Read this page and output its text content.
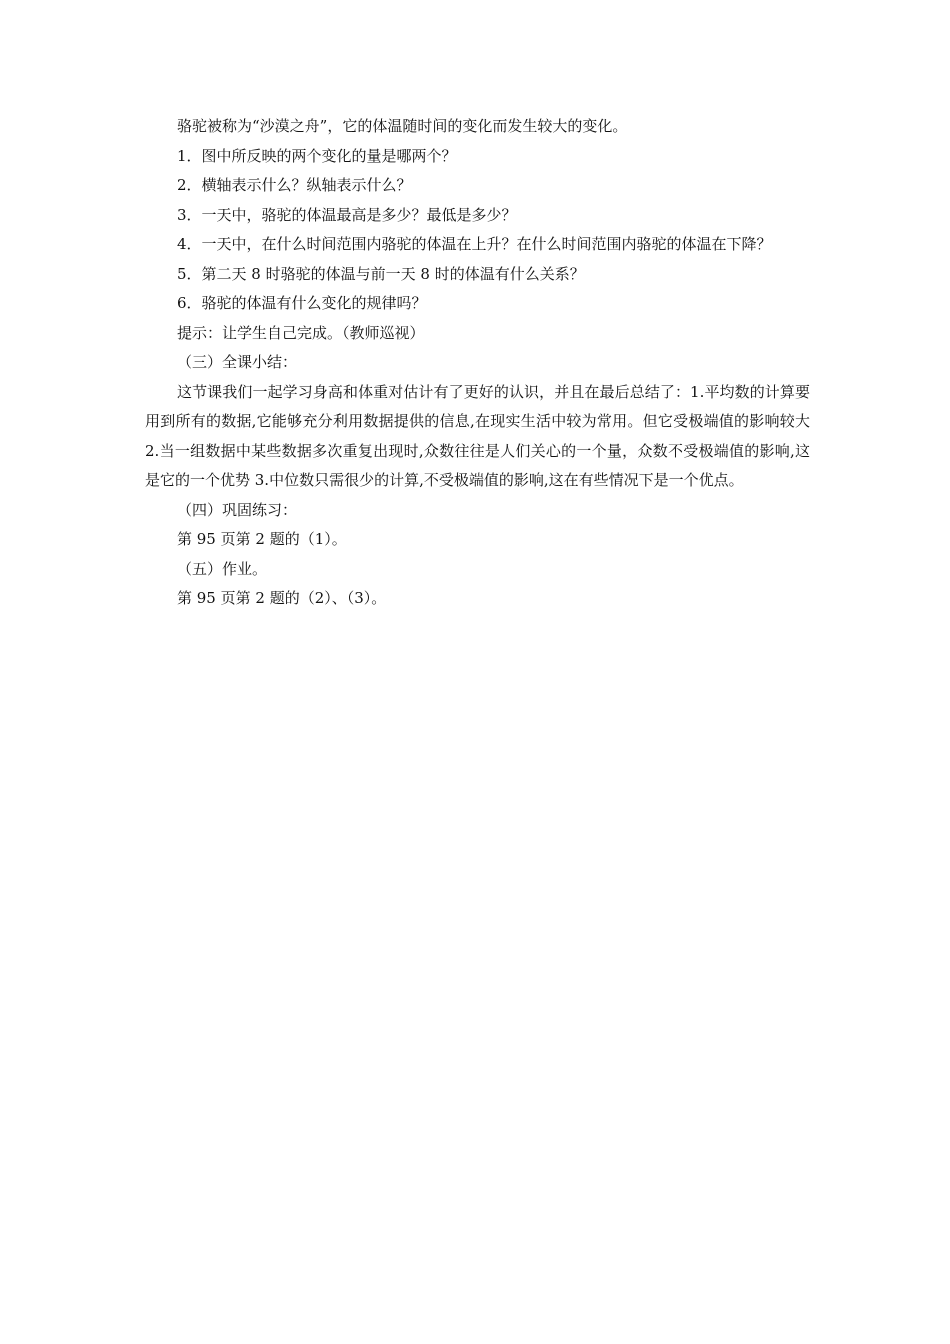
骆驼被称为“沙漠之舟”，它的体温随时间的变化而发生较大的变化。

1．图中所反映的两个变化的量是哪两个？

2．横轴表示什么？纵轴表示什么？

3．一天中，骆驼的体温最高是多少？最低是多少？

4．一天中，在什么时间范围内骆驼的体温在上升？在什么时间范围内骆驼的体温在下降？

5．第二天 8 时骆驼的体温与前一天 8 时的体温有什么关系？

6．骆驼的体温有什么变化的规律吗？

提示：让学生自己完成。（教师巡视）

（三）全课小结：

这节课我们一起学习身高和体重对估计有了更好的认识，并且在最后总结了：1.平均数的计算要用到所有的数据,它能够充分利用数据提供的信息,在现实生活中较为常用。但它受极端值的影响较大 2.当一组数据中某些数据多次重复出现时,众数往往是人们关心的一个量，众数不受极端值的影响,这是它的一个优势 3.中位数只需很少的计算,不受极端值的影响,这在有些情况下是一个优点。

（四）巩固练习：

第 95 页第 2 题的（1）。

（五）作业。

第 95 页第 2 题的（2）、（3）。
